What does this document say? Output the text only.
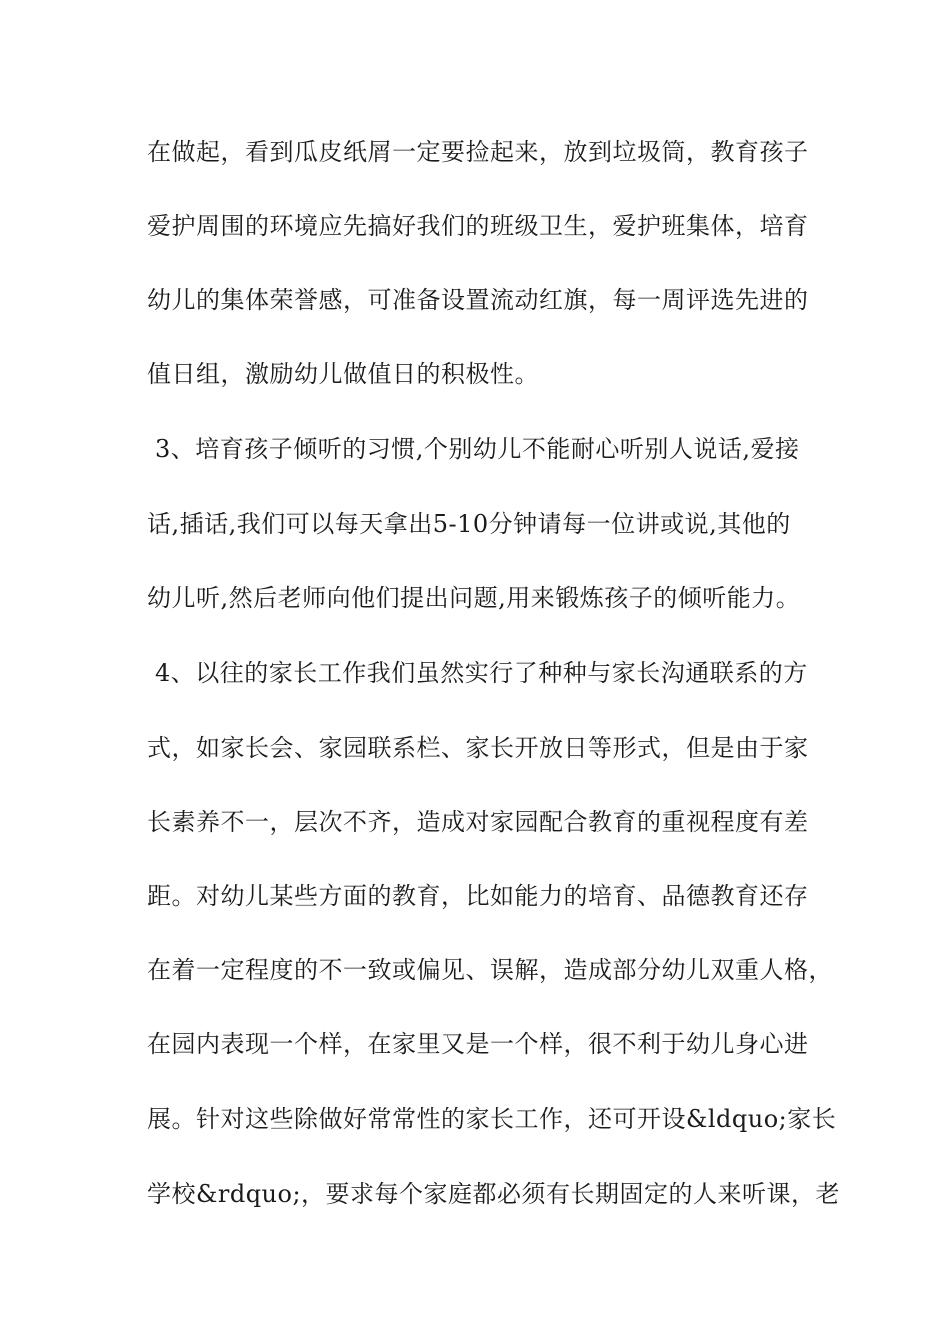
在做起，看到瓜皮纸屑一定要捡起来，放到垃圾筒，教育孩子
爱护周围的环境应先搞好我们的班级卫生，爱护班集体，培育
幼儿的集体荣誉感，可准备设置流动红旗，每一周评选先进的
值日组，激励幼儿做值日的积极性。
3、培育孩子倾听的习惯,个别幼儿不能耐心听别人说话,爱接
话,插话,我们可以每天拿出5-10分钟请每一位讲或说,其他的
幼儿听,然后老师向他们提出问题,用来锻炼孩子的倾听能力。
4、以往的家长工作我们虽然实行了种种与家长沟通联系的方
式，如家长会、家园联系栏、家长开放日等形式，但是由于家
长素养不一，层次不齐，造成对家园配合教育的重视程度有差
距。对幼儿某些方面的教育，比如能力的培育、品德教育还存
在着一定程度的不一致或偏见、误解，造成部分幼儿双重人格，
在园内表现一个样，在家里又是一个样，很不利于幼儿身心进
展。针对这些除做好常常性的家长工作，还可开设&ldquo;家长
学校&rdquo;，要求每个家庭都必须有长期固定的人来听课，老
